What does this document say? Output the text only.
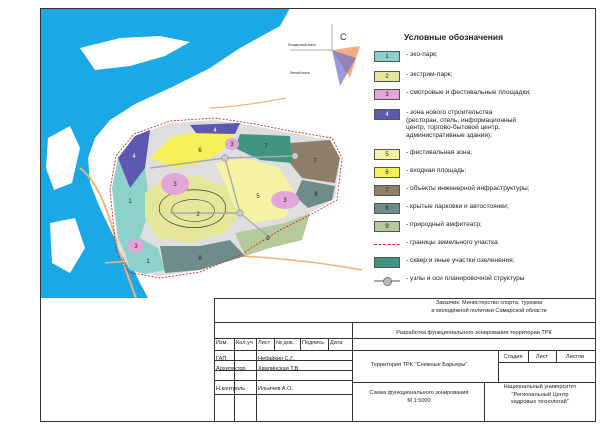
1
1
2
3
3
3
3
4
4
5
6
7
7
8
8
9
Посадочный сезон
Летний сезон
С	Условные обозначения
1	- эко-парк;
2	- экстрим-парк;
3	- смотровые и фестивальные площадки;
4	- зона нового строительства
(ресторан, отель, информационный
центр, торгово-бытовой центр,
административные здания);
5	- фестивальная зона;
6	- входная площадь;
7	- объекты инженерной инфраструктуры;
8	- крытые парковки и автостоянки;
9	- природный амфитеатр;
- границы земельного участка
- сквер и иные участки озеленения;
- узлы и оси планировочной структуры
Заказчик: Министерство спорта, туризма
и молодёжной политики Самарской области
Разработка функционального зонирования территории ТРК
Изм.	Кол.уч Лист	№ док.	Подпись	Дата
ГАП	Небайкин С.Г.
Архитектор	Хвалинская Т.В.
Н.контроль	Ильичев А.О.
Территория ТРК "Снежные Барьеры"
Стадия	Лист	Листов
Схема функционального зонирования
М 1:5000
Национальный университет
"Региональный Центр
кадровых технологий"
